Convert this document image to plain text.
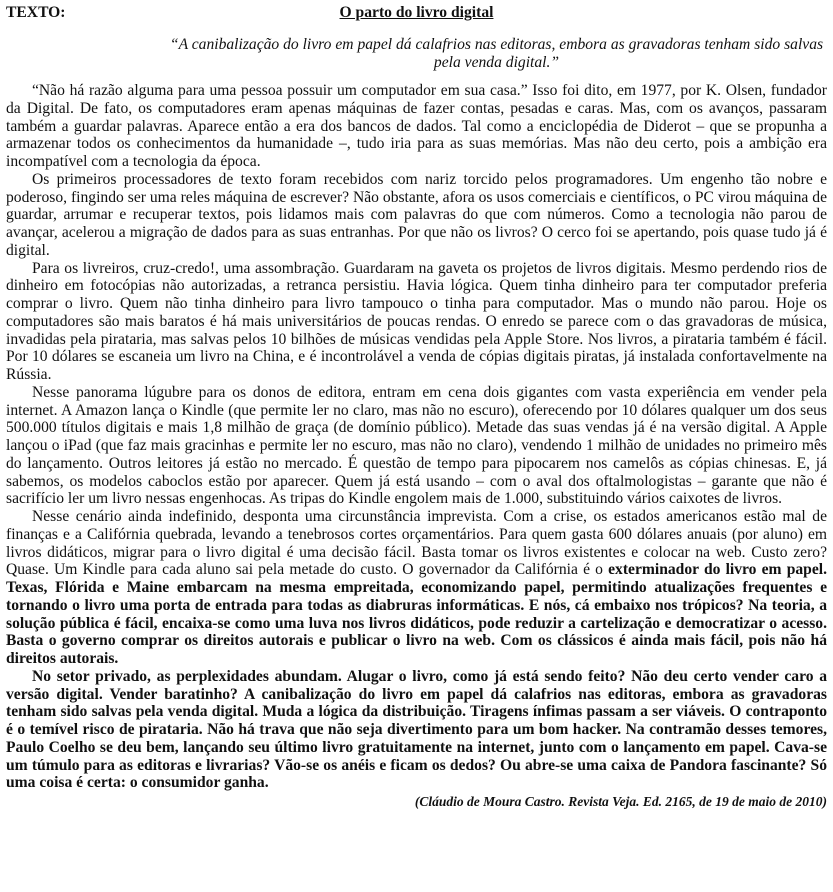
TEXTO:	O parto do livro digital
“A canibalização do livro em papel dá calafrios nas editoras, embora as gravadoras tenham sido salvas pela venda digital.”

“Não há razão alguma para uma pessoa possuir um computador em sua casa.” Isso foi dito, em 1977, por K. Olsen, fundador da Digital. De fato, os computadores eram apenas máquinas de fazer contas, pesadas e caras. Mas, com os avanços, passaram também a guardar palavras. Aparece então a era dos bancos de dados. Tal como a enciclopédia de Diderot – que se propunha a armazenar todos os conhecimentos da humanidade –, tudo iria para as suas memórias. Mas não deu certo, pois a ambição era incompatível com a tecnologia da época.

Os primeiros processadores de texto foram recebidos com nariz torcido pelos programadores. Um engenho tão nobre e poderoso, fingindo ser uma reles máquina de escrever? Não obstante, afora os usos comerciais e científicos, o PC virou máquina de guardar, arrumar e recuperar textos, pois lidamos mais com palavras do que com números. Como a tecnologia não parou de avançar, acelerou a migração de dados para as suas entranhas. Por que não os livros? O cerco foi se apertando, pois quase tudo já é digital.

Para os livreiros, cruz-credo!, uma assombração. Guardaram na gaveta os projetos de livros digitais. Mesmo perdendo rios de dinheiro em fotocópias não autorizadas, a retranca persistiu. Havia lógica. Quem tinha dinheiro para ter computador preferia comprar o livro. Quem não tinha dinheiro para livro tampouco o tinha para computador. Mas o mundo não parou. Hoje os computadores são mais baratos é há mais universitários de poucas rendas. O enredo se parece com o das gravadoras de música, invadidas pela pirataria, mas salvas pelos 10 bilhões de músicas vendidas pela Apple Store. Nos livros, a pirataria também é fácil. Por 10 dólares se escaneia um livro na China, e é incontrolável a venda de cópias digitais piratas, já instalada confortavelmente na Rússia.

Nesse panorama lúgubre para os donos de editora, entram em cena dois gigantes com vasta experiência em vender pela internet. A Amazon lança o Kindle (que permite ler no claro, mas não no escuro), oferecendo por 10 dólares qualquer um dos seus 500.000 títulos digitais e mais 1,8 milhão de graça (de domínio público). Metade das suas vendas já é na versão digital. A Apple lançou o iPad (que faz mais gracinhas e permite ler no escuro, mas não no claro), vendendo 1 milhão de unidades no primeiro mês do lançamento. Outros leitores já estão no mercado. É questão de tempo para pipocarem nos camelôs as cópias chinesas. E, já sabemos, os modelos caboclos estão por aparecer. Quem já está usando – com o aval dos oftalmologistas – garante que não é sacrifício ler um livro nessas engenhocas. As tripas do Kindle engolem mais de 1.000, substituindo vários caixotes de livros.

Nesse cenário ainda indefinido, desponta uma circunstância imprevista. Com a crise, os estados americanos estão mal de finanças e a Califórnia quebrada, levando a tenebrosos cortes orçamentários. Para quem gasta 600 dólares anuais (por aluno) em livros didáticos, migrar para o livro digital é uma decisão fácil. Basta tomar os livros existentes e colocar na web. Custo zero? Quase. Um Kindle para cada aluno sai pela metade do custo. O governador da Califórnia é o exterminador do livro em papel. Texas, Flórida e Maine embarcam na mesma empreitada, economizando papel, permitindo atualizações frequentes e tornando o livro uma porta de entrada para todas as diabruras informáticas. E nós, cá embaixo nos trópicos? Na teoria, a solução pública é fácil, encaixa-se como uma luva nos livros didáticos, pode reduzir a cartelização e democratizar o acesso. Basta o governo comprar os direitos autorais e publicar o livro na web. Com os clássicos é ainda mais fácil, pois não há direitos autorais.

No setor privado, as perplexidades abundam. Alugar o livro, como já está sendo feito? Não deu certo vender caro a versão digital. Vender baratinho? A canibalização do livro em papel dá calafrios nas editoras, embora as gravadoras tenham sido salvas pela venda digital. Muda a lógica da distribuição. Tiragens ínfimas passam a ser viáveis. O contraponto é o temível risco de pirataria. Não há trava que não seja divertimento para um bom hacker. Na contramão desses temores, Paulo Coelho se deu bem, lançando seu último livro gratuitamente na internet, junto com o lançamento em papel. Cava-se um túmulo para as editoras e livrarias? Vão-se os anéis e ficam os dedos? Ou abre-se uma caixa de Pandora fascinante? Só uma coisa é certa: o consumidor ganha.

(Cláudio de Moura Castro. Revista Veja. Ed. 2165, de 19 de maio de 2010)
